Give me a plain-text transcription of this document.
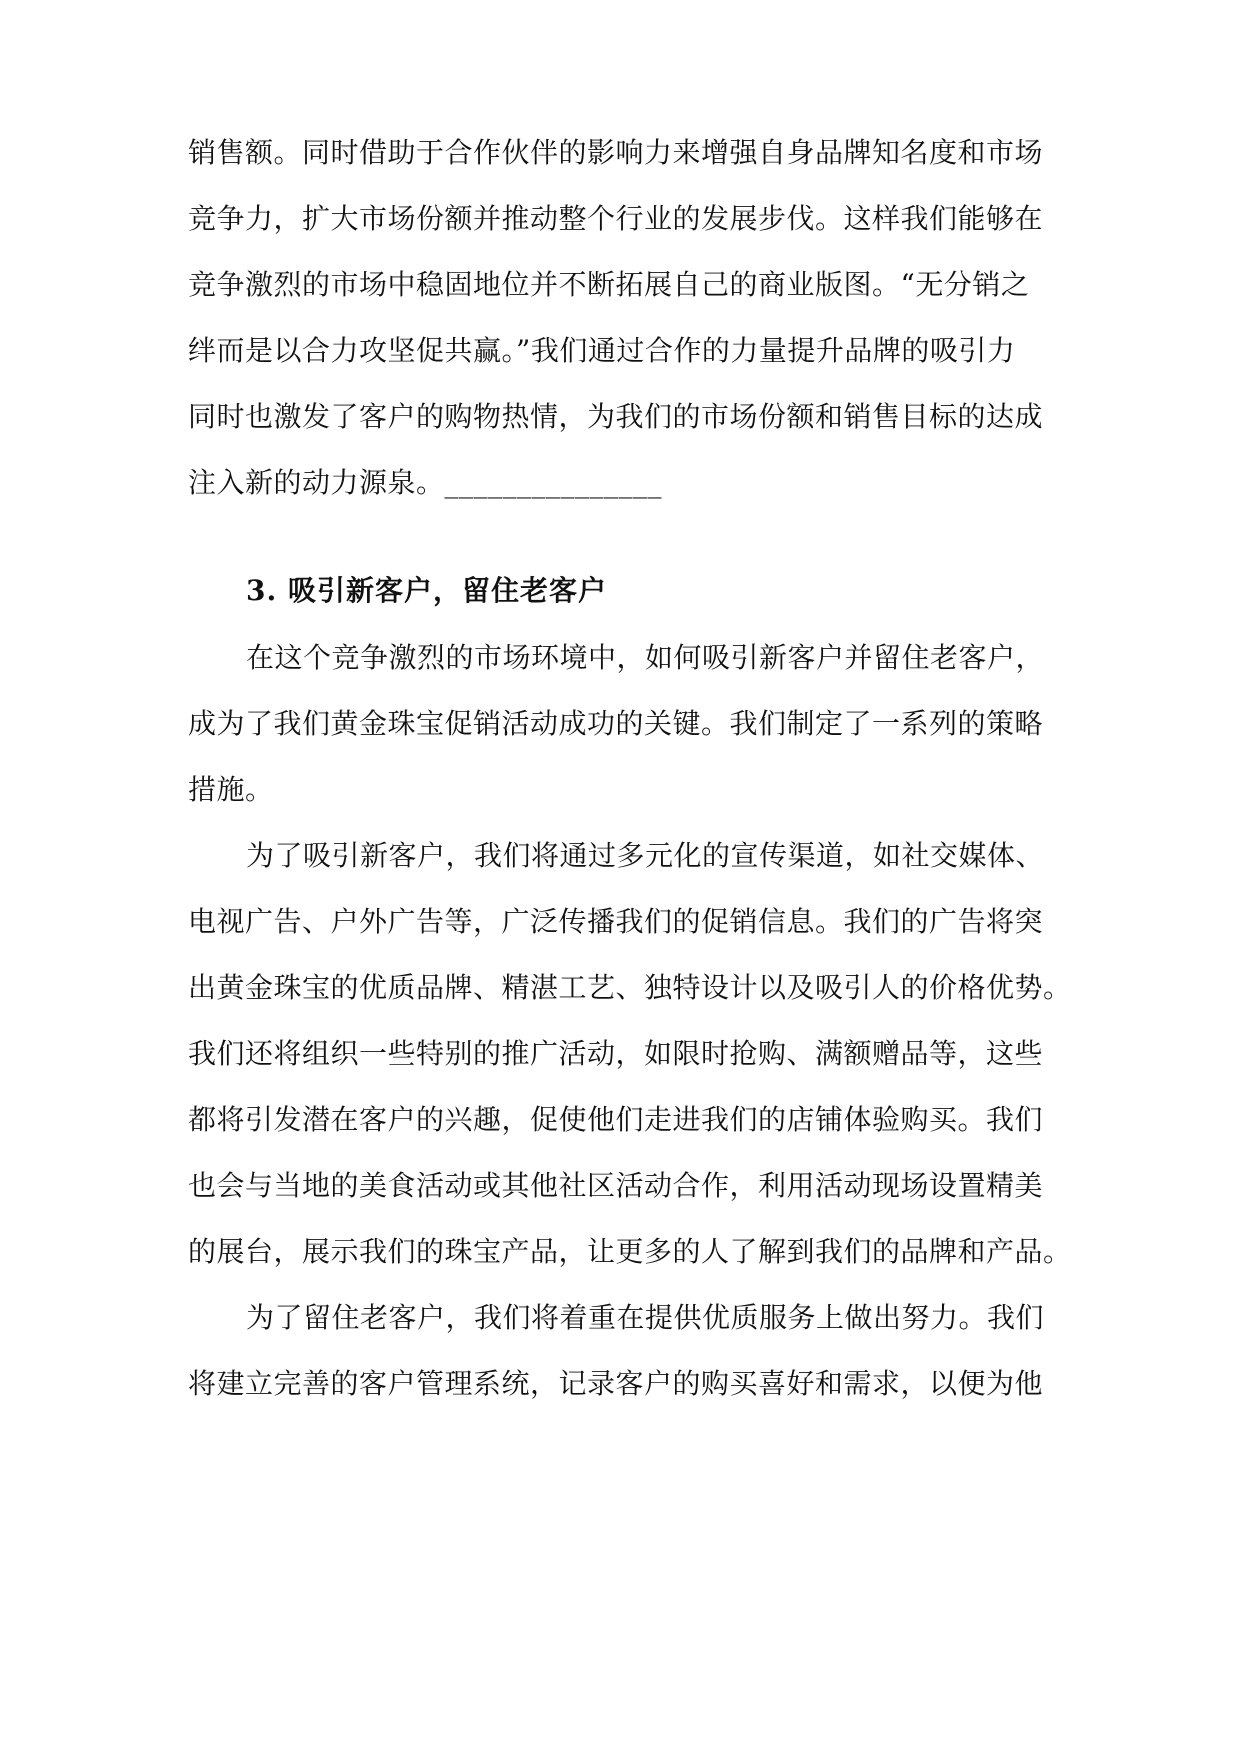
销售额。同时借助于合作伙伴的影响力来增强自身品牌知名度和市场
竞争力，扩大市场份额并推动整个行业的发展步伐。这样我们能够在
竞争激烈的市场中稳固地位并不断拓展自己的商业版图。“无分销之
绊而是以合力攻坚促共赢。”我们通过合作的力量提升品牌的吸引力
同时也激发了客户的购物热情，为我们的市场份额和销售目标的达成
注入新的动力源泉。_______________
3. 吸引新客户，留住老客户
在这个竞争激烈的市场环境中，如何吸引新客户并留住老客户，
成为了我们黄金珠宝促销活动成功的关键。我们制定了一系列的策略
措施。
为了吸引新客户，我们将通过多元化的宣传渠道，如社交媒体、
电视广告、户外广告等，广泛传播我们的促销信息。我们的广告将突
出黄金珠宝的优质品牌、精湛工艺、独特设计以及吸引人的价格优势。
我们还将组织一些特别的推广活动，如限时抢购、满额赠品等，这些
都将引发潜在客户的兴趣，促使他们走进我们的店铺体验购买。我们
也会与当地的美食活动或其他社区活动合作，利用活动现场设置精美
的展台，展示我们的珠宝产品，让更多的人了解到我们的品牌和产品。
为了留住老客户，我们将着重在提供优质服务上做出努力。我们
将建立完善的客户管理系统，记录客户的购买喜好和需求，以便为他
